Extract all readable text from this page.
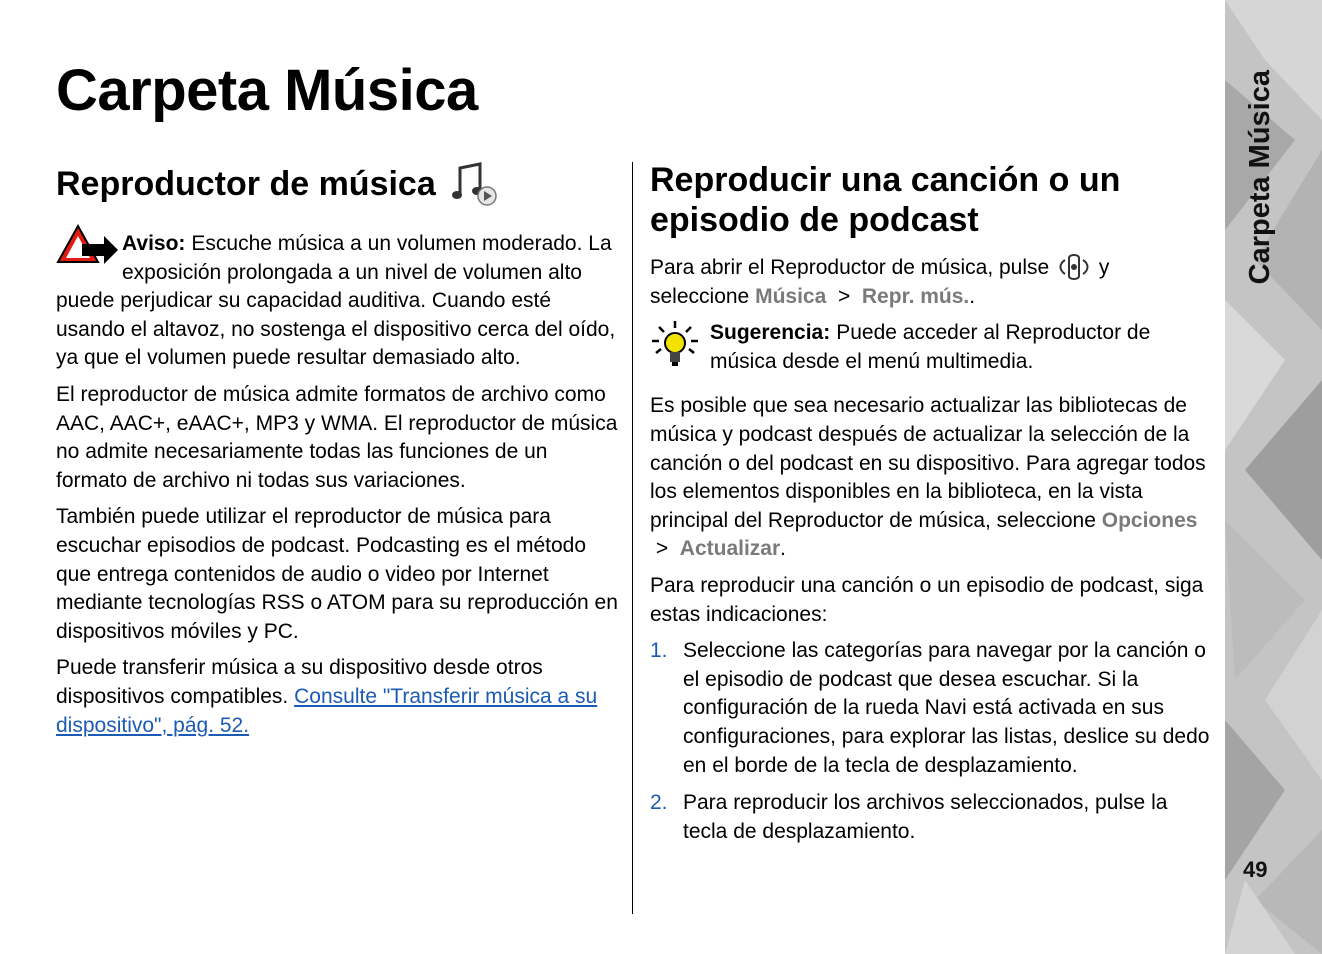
Carpeta Música
Reproductor de música

Aviso: Escuche música a un volumen moderado. La exposición prolongada a un nivel de volumen alto puede perjudicar su capacidad auditiva. Cuando esté usando el altavoz, no sostenga el dispositivo cerca del oído, ya que el volumen puede resultar demasiado alto.

El reproductor de música admite formatos de archivo como AAC, AAC+, eAAC+, MP3 y WMA. El reproductor de música no admite necesariamente todas las funciones de un formato de archivo ni todas sus variaciones.

También puede utilizar el reproductor de música para escuchar episodios de podcast. Podcasting es el método que entrega contenidos de audio o video por Internet mediante tecnologías RSS o ATOM para su reproducción en dispositivos móviles y PC.

Puede transferir música a su dispositivo desde otros dispositivos compatibles. Consulte "Transferir música a su dispositivo", pág. 52.

Reproducir una canción o un episodio de podcast

Para abrir el Reproductor de música, pulse y seleccione Música > Repr. mús..

Sugerencia: Puede acceder al Reproductor de música desde el menú multimedia.

Es posible que sea necesario actualizar las bibliotecas de música y podcast después de actualizar la selección de la canción o del podcast en su dispositivo. Para agregar todos los elementos disponibles en la biblioteca, en la vista principal del Reproductor de música, seleccione Opciones  > Actualizar.

Para reproducir una canción o un episodio de podcast, siga estas indicaciones:

1. Seleccione las categorías para navegar por la canción o el episodio de podcast que desea escuchar. Si la configuración de la rueda Navi está activada en sus configuraciones, para explorar las listas, deslice su dedo en el borde de la tecla de desplazamiento.
2. Para reproducir los archivos seleccionados, pulse la tecla de desplazamiento.
Carpeta Música
49
